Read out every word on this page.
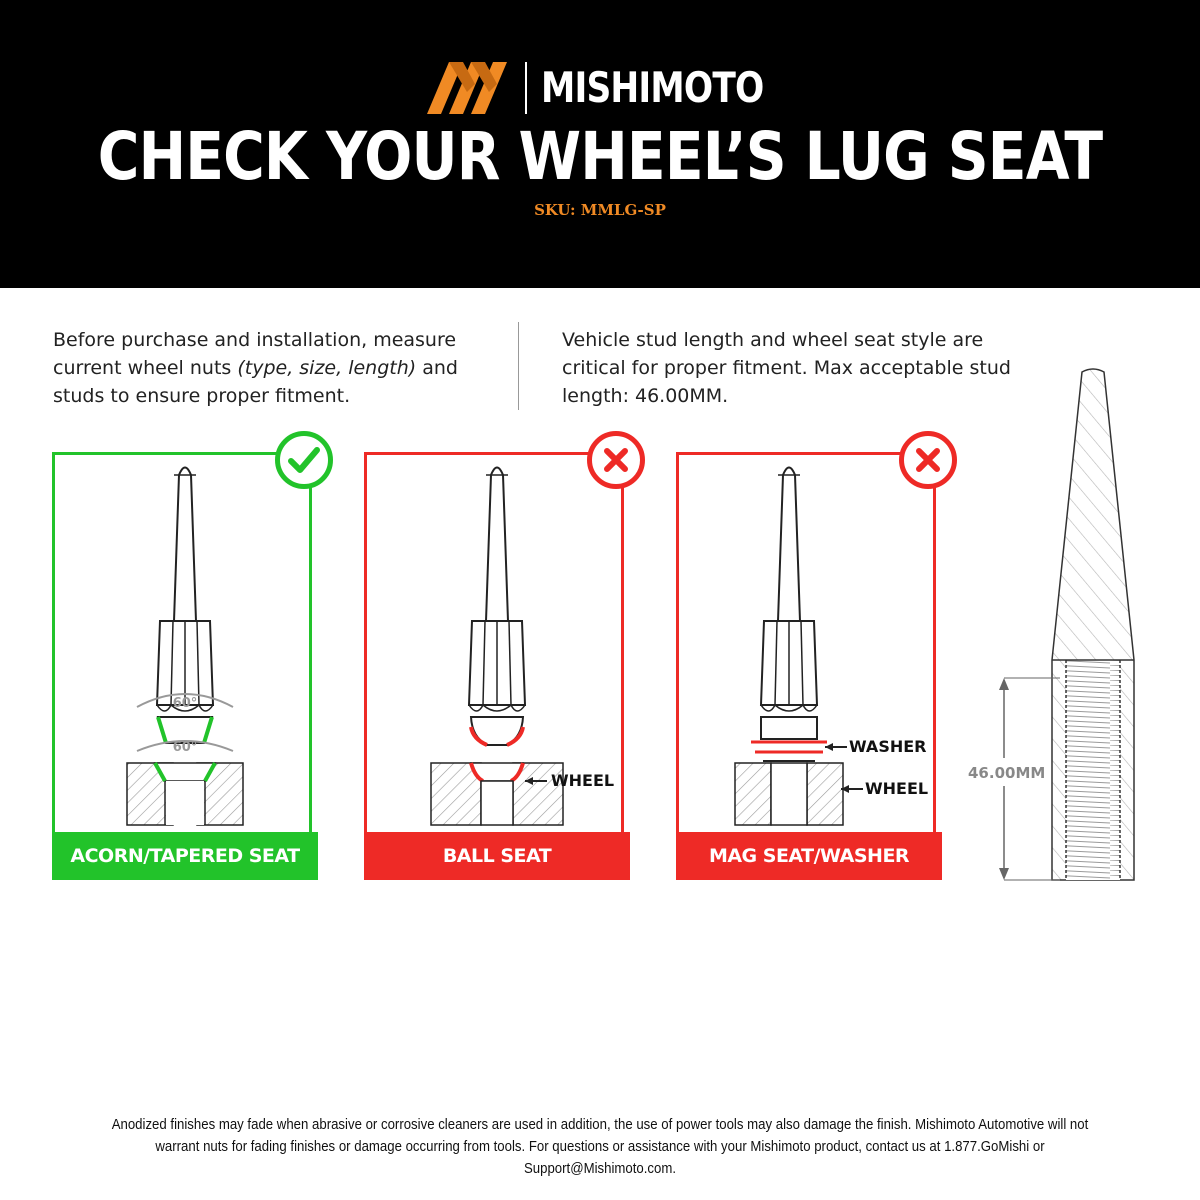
MISHIMOTO
CHECK YOUR WHEEL’S LUG SEAT
SKU: MMLG-SP
Before purchase and installation, measure current wheel nuts (type, size, length) and studs to ensure proper fitment.
Vehicle stud length and wheel seat style are critical for proper fitment. Max acceptable stud length: 46.00MM.
60°
60°
ACORN/TAPERED SEAT
WHEEL
BALL SEAT
WASHER
WHEEL
MAG SEAT/WASHER
46.00MM
Anodized finishes may fade when abrasive or corrosive cleaners are used in addition, the use of power tools may also damage the finish. Mishimoto Automotive will not warrant nuts for fading finishes or damage occurring from tools. For questions or assistance with your Mishimoto product, contact us at 1.877.GoMishi or Support@Mishimoto.com.
